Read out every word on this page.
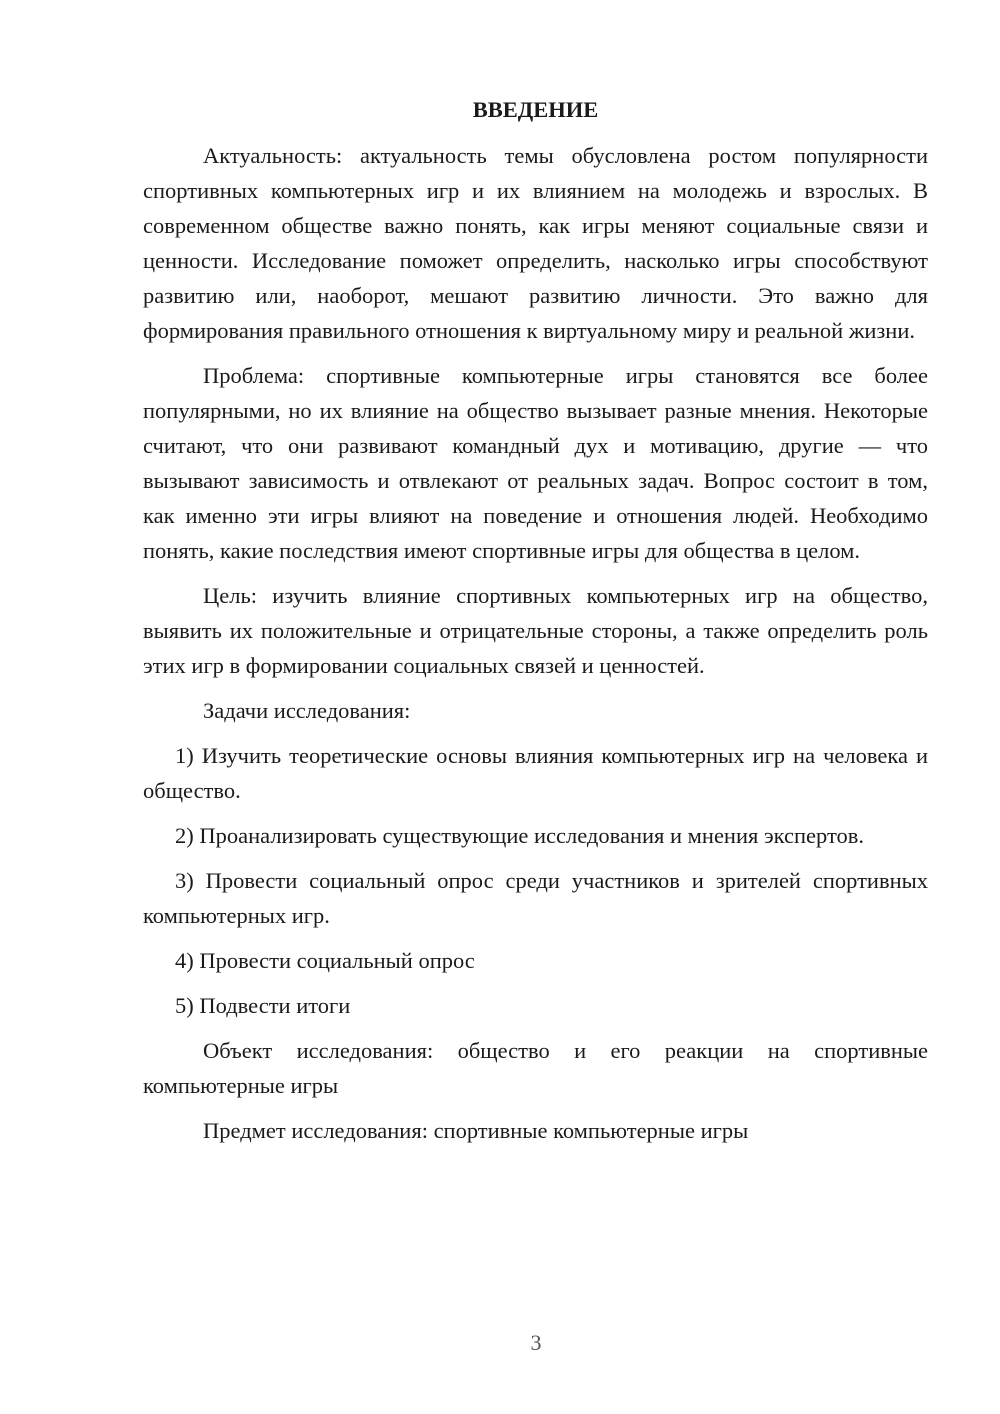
ВВЕДЕНИЕ

Актуальность: актуальность темы обусловлена ростом популярности спортивных компьютерных игр и их влиянием на молодежь и взрослых. В современном обществе важно понять, как игры меняют социальные связи и ценности. Исследование поможет определить, насколько игры способствуют развитию или, наоборот, мешают развитию личности. Это важно для формирования правильного отношения к виртуальному миру и реальной жизни.

Проблема: спортивные компьютерные игры становятся все более популярными, но их влияние на общество вызывает разные мнения. Некоторые считают, что они развивают командный дух и мотивацию, другие — что вызывают зависимость и отвлекают от реальных задач. Вопрос состоит в том, как именно эти игры влияют на поведение и отношения людей. Необходимо понять, какие последствия имеют спортивные игры для общества в целом.

Цель: изучить влияние спортивных компьютерных игр на общество, выявить их положительные и отрицательные стороны, а также определить роль этих игр в формировании социальных связей и ценностей.

Задачи исследования:

1) Изучить теоретические основы влияния компьютерных игр на человека и общество.

2) Проанализировать существующие исследования и мнения экспертов.

3) Провести социальный опрос среди участников и зрителей спортивных компьютерных игр.

4) Провести социальный опрос

5) Подвести итоги

Объект исследования: общество и его реакции на спортивные компьютерные игры

Предмет исследования: спортивные компьютерные игры

3
